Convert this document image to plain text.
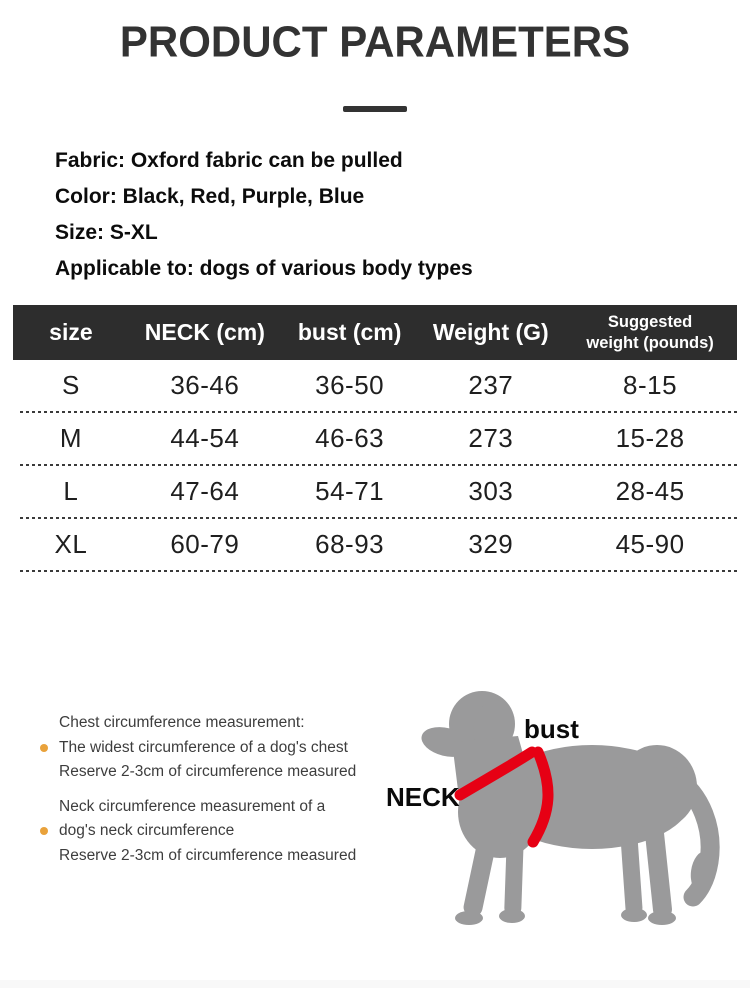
PRODUCT PARAMETERS

Fabric: Oxford fabric can be pulled

Color: Black, Red, Purple, Blue

Size: S-XL

Applicable to: dogs of various body types

size	NECK (cm)	bust (cm)	Weight (G)	Suggested weight (pounds)
S	36-46	36-50	237	8-15
M	44-54	46-63	273	15-28
L	47-64	54-71	303	28-45
XL	60-79	68-93	329	45-90

Chest circumference measurement:

The widest circumference of a dog's chest

Reserve 2-3cm of circumference measured

Neck circumference measurement of a

dog's neck circumference

Reserve 2-3cm of circumference measured

bust

NECK
